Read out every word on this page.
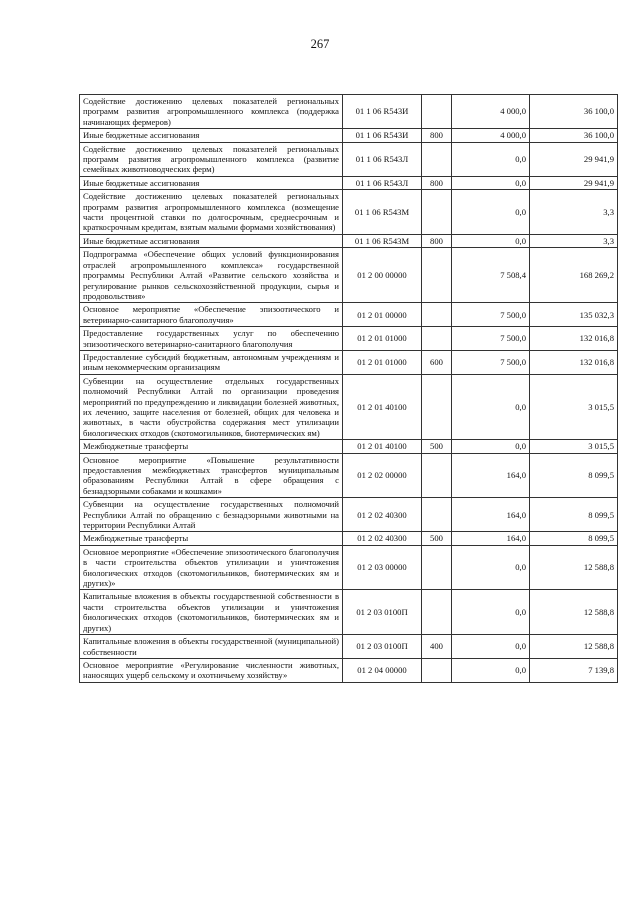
267
Содействие достижению целевых показателей региональных программ развития агропромышленного комплекса (поддержка начинающих фермеров)	01 1 06 R543И		4 000,0	36 100,0
Иные бюджетные ассигнования	01 1 06 R543И	800	4 000,0	36 100,0
Содействие достижению целевых показателей региональных программ развития агропромышленного комплекса (развитие семейных животноводческих ферм)	01 1 06 R543Л		0,0	29 941,9
Иные бюджетные ассигнования	01 1 06 R543Л	800	0,0	29 941,9
Содействие достижению целевых показателей региональных программ развития агропромышленного комплекса (возмещение части процентной ставки по долгосрочным, среднесрочным и краткосрочным кредитам, взятым малыми формами хозяйствования)	01 1 06 R543M		0,0	3,3
Иные бюджетные ассигнования	01 1 06 R543M	800	0,0	3,3
Подпрограмма «Обеспечение общих условий функционирования отраслей агропромышленного комплекса» государственной программы Республики Алтай «Развитие сельского хозяйства и регулирование рынков сельскохозяйственной продукции, сырья и продовольствия»	01 2 00 00000		7 508,4	168 269,2
Основное мероприятие «Обеспечение эпизоотического и ветеринарно-санитарного благополучия»	01 2 01 00000		7 500,0	135 032,3
Предоставление государственных услуг по обеспечению эпизоотического ветеринарно-санитарного благополучия	01 2 01 01000		7 500,0	132 016,8
Предоставление субсидий бюджетным, автономным учреждениям и иным некоммерческим организациям	01 2 01 01000	600	7 500,0	132 016,8
Субвенции на осуществление отдельных государственных полномочий Республики Алтай по организации проведения мероприятий по предупреждению и ликвидации болезней животных, их лечению, защите населения от болезней, общих для человека и животных, в части обустройства содержания мест утилизации биологических отходов (скотомогильников, биотермических ям)	01 2 01 40100		0,0	3 015,5
Межбюджетные трансферты	01 2 01 40100	500	0,0	3 015,5
Основное мероприятие «Повышение результативности предоставления межбюджетных трансфертов муниципальным образованиям Республики Алтай в сфере обращения с безнадзорными собаками и кошками»	01 2 02 00000		164,0	8 099,5
Субвенции на осуществление государственных полномочий Республики Алтай по обращению с безнадзорными животными на территории Республики Алтай	01 2 02 40300		164,0	8 099,5
Межбюджетные трансферты	01 2 02 40300	500	164,0	8 099,5
Основное мероприятие «Обеспечение эпизоотического благополучия в части строительства объектов утилизации и уничтожения биологических отходов (скотомогильников, биотермических ям и других)»	01 2 03 00000		0,0	12 588,8
Капитальные вложения в объекты государственной собственности в части строительства объектов утилизации и уничтожения биологических отходов (скотомогильников, биотермических ям и других)	01 2 03 0100П		0,0	12 588,8
Капитальные вложения в объекты государственной (муниципальной) собственности	01 2 03 0100П	400	0,0	12 588,8
Основное мероприятие «Регулирование численности животных, наносящих ущерб сельскому и охотничьему хозяйству»	01 2 04 00000		0,0	7 139,8
